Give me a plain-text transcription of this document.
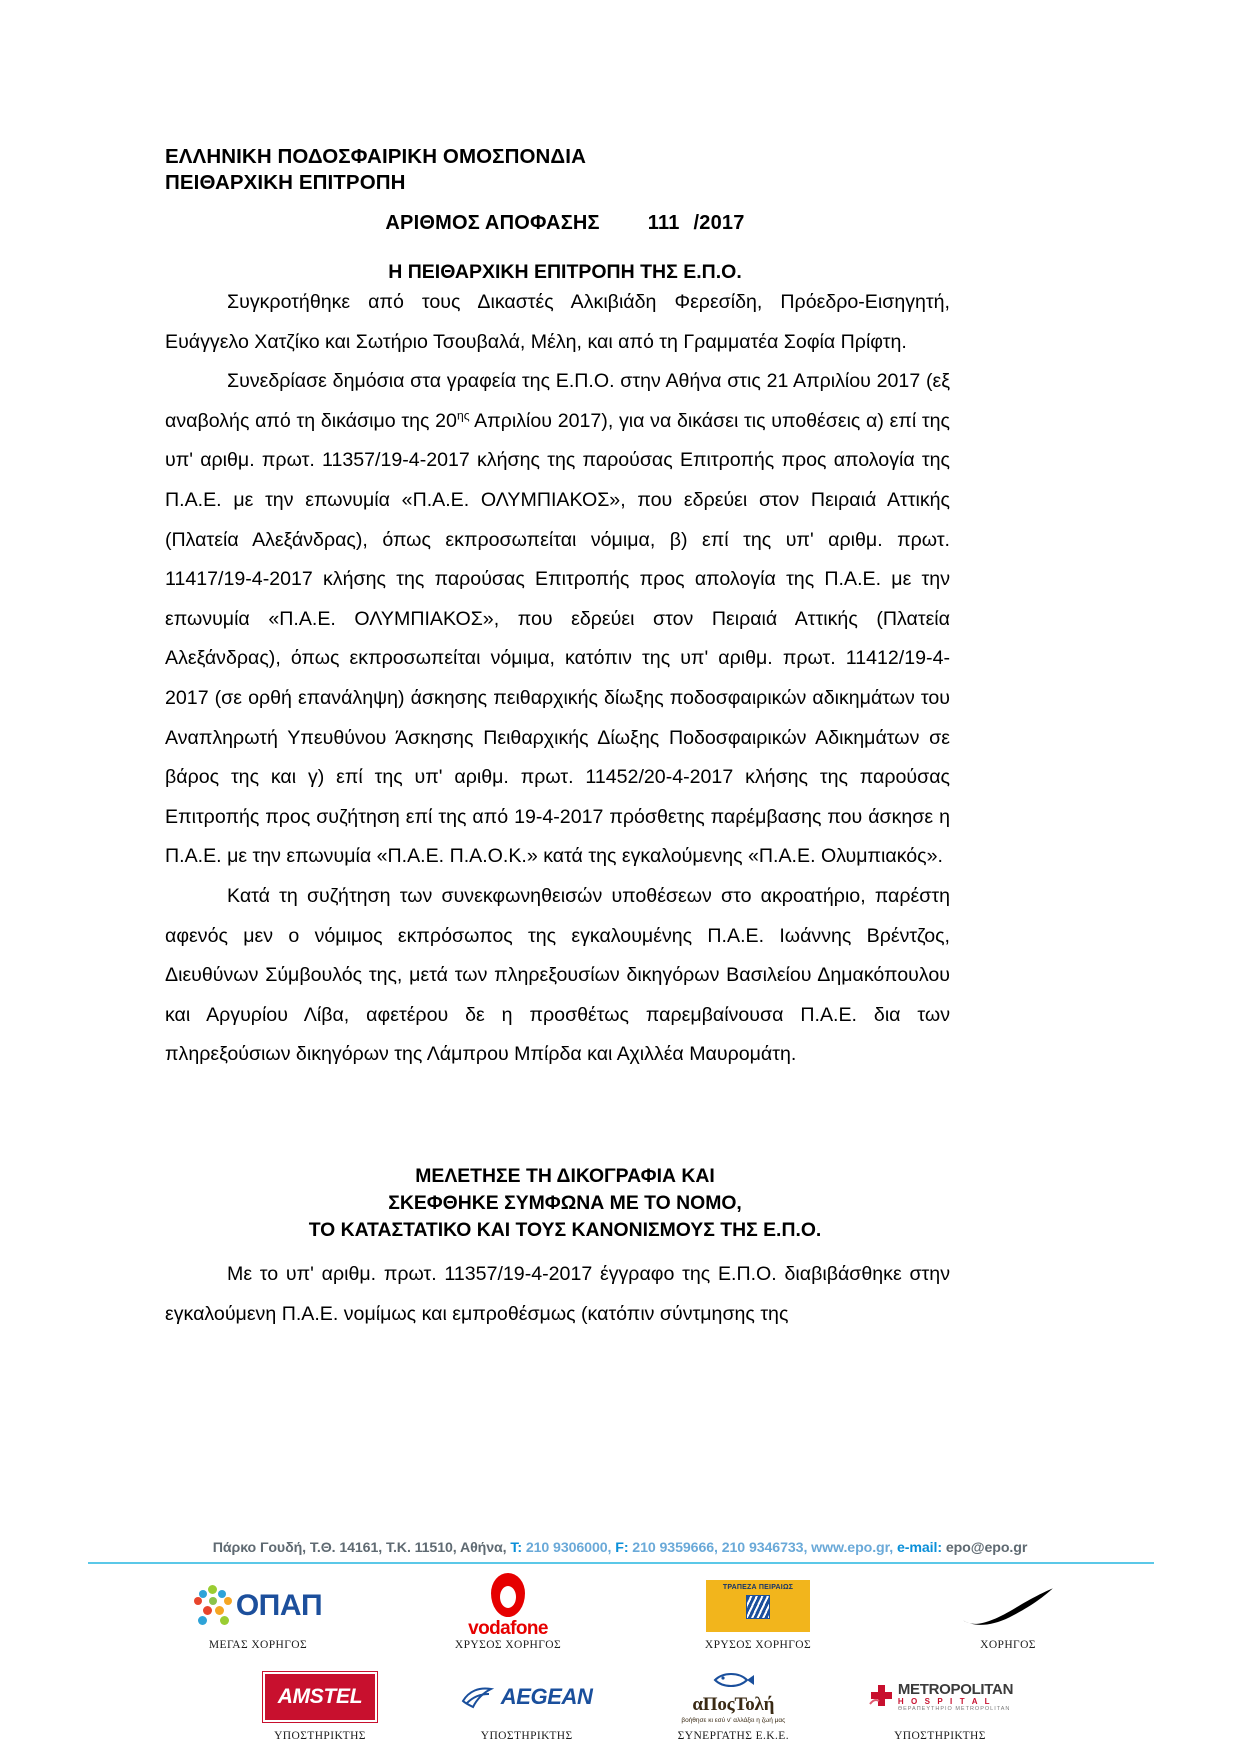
ΕΛΛΗΝΙΚΗ ΠΟΔΟΣΦΑΙΡΙΚΗ ΟΜΟΣΠΟΝΔΙΑ
ΠΕΙΘΑΡΧΙΚΗ ΕΠΙΤΡΟΠΗ
ΑΡΙΘΜΟΣ ΑΠΟΦΑΣΗΣ 111 /2017
Η ΠΕΙΘΑΡΧΙΚΗ ΕΠΙΤΡΟΠΗ ΤΗΣ Ε.Π.Ο.

Συγκροτήθηκε από τους Δικαστές Αλκιβιάδη Φερεσίδη, Πρόεδρο-Εισηγητή, Ευάγγελο Χατζίκο και Σωτήριο Τσουβαλά, Μέλη, και από τη Γραμματέα Σοφία Πρίφτη.

Συνεδρίασε δημόσια στα γραφεία της Ε.Π.Ο. στην Αθήνα στις 21 Απριλίου 2017 (εξ αναβολής από τη δικάσιμο της $20^{\eta\varsigma}$ Απριλίου 2017), για να δικάσει τις υποθέσεις α) επί της υπ' αριθμ. πρωτ. 11357/19-4-2017 κλήσης της παρούσας Επιτροπής προς απολογία της Π.Α.Ε. με την επωνυμία «Π.Α.Ε. ΟΛΥΜΠΙΑΚΟΣ», που εδρεύει στον Πειραιά Αττικής (Πλατεία Αλεξάνδρας), όπως εκπροσωπείται νόμιμα, β) επί της υπ' αριθμ. πρωτ. 11417/19-4-2017 κλήσης της παρούσας Επιτροπής προς απολογία της Π.Α.Ε. με την επωνυμία «Π.Α.Ε. ΟΛΥΜΠΙΑΚΟΣ», που εδρεύει στον Πειραιά Αττικής (Πλατεία Αλεξάνδρας), όπως εκπροσωπείται νόμιμα, κατόπιν της υπ' αριθμ. πρωτ. 11412/19-4-2017 (σε ορθή επανάληψη) άσκησης πειθαρχικής δίωξης ποδοσφαιρικών αδικημάτων του Αναπληρωτή Υπευθύνου Άσκησης Πειθαρχικής Δίωξης Ποδοσφαιρικών Αδικημάτων σε βάρος της και γ) επί της υπ' αριθμ. πρωτ. 11452/20-4-2017 κλήσης της παρούσας Επιτροπής προς συζήτηση επί της από 19-4-2017 πρόσθετης παρέμβασης που άσκησε η Π.Α.Ε. με την επωνυμία «Π.Α.Ε. Π.Α.Ο.Κ.» κατά της εγκαλούμενης «Π.Α.Ε. Ολυμπιακός».

Κατά τη συζήτηση των συνεκφωνηθεισών υποθέσεων στο ακροατήριο, παρέστη αφενός μεν ο νόμιμος εκπρόσωπος της εγκαλουμένης Π.Α.Ε. Ιωάννης Βρέντζος, Διευθύνων Σύμβουλός της, μετά των πληρεξουσίων δικηγόρων Βασιλείου Δημακόπουλου και Αργυρίου Λίβα, αφετέρου δε η προσθέτως παρεμβαίνουσα Π.Α.Ε. δια των πληρεξούσιων δικηγόρων της Λάμπρου Μπίρδα και Αχιλλέα Μαυρομάτη.

ΜΕΛΕΤΗΣΕ ΤΗ ΔΙΚΟΓΡΑΦΙΑ ΚΑΙ
ΣΚΕΦΘΗΚΕ ΣΥΜΦΩΝΑ ΜΕ ΤΟ ΝΟΜΟ,
ΤΟ ΚΑΤΑΣΤΑΤΙΚΟ ΚΑΙ ΤΟΥΣ ΚΑΝΟΝΙΣΜΟΥΣ ΤΗΣ Ε.Π.Ο.

Με το υπ' αριθμ. πρωτ. 11357/19-4-2017 έγγραφο της Ε.Π.Ο. διαβιβάσθηκε στην εγκαλούμενη Π.Α.Ε. νομίμως και εμπροθέσμως (κατόπιν σύντμησης της

Πάρκο Γουδή, Τ.Θ. 14161, Τ.Κ. 11510, Αθήνα, T: 210 9306000, F: 210 9359666, 210 9346733, www.epo.gr, e-mail: epo@epo.gr
ΟΠΑΠ
ΜΕΓΑΣ ΧΟΡΗΓΟΣ
vodafone
ΧΡΥΣΟΣ ΧΟΡΗΓΟΣ
ΤΡΑΠΕΖΑ ΠΕΙΡΑΙΩΣ
ΧΡΥΣΟΣ ΧΟΡΗΓΟΣ	ΧΟΡΗΓΟΣ
AMSTEL
ΥΠΟΣΤΗΡΙΚΤΗΣ
AEGEAN
ΥΠΟΣΤΗΡΙΚΤΗΣ
αΠοςΤολή
βοήθησε κι εσύ ν' αλλάξει η ζωή μας
ΣΥΝΕΡΓΑΤΗΣ Ε.Κ.Ε.
METROPOLITAN
H O S P I T A L
ΘΕΡΑΠΕΥΤΗΡΙΟ METROPOLITAN
ΥΠΟΣΤΗΡΙΚΤΗΣ
